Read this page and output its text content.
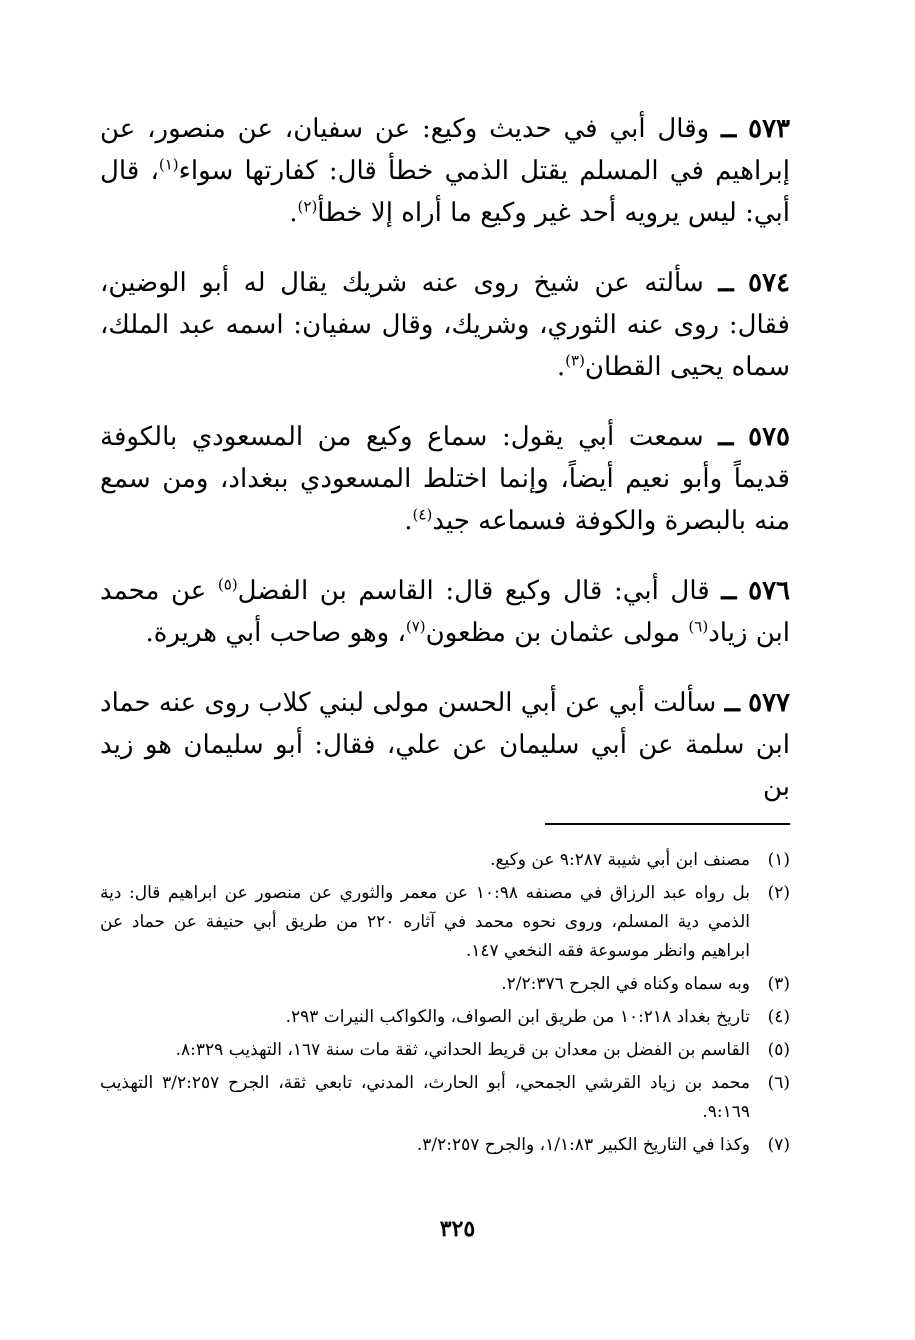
٥٧٣ ــ وقال أبي في حديث وكيع: عن سفيان، عن منصور، عن إبراهيم في المسلم يقتل الذمي خطأ قال: كفارتها سواء$^{(١)}$، قال أبي: ليس يرويه أحد غير وكيع ما أراه إلا خطأ$^{(٢)}$.

٥٧٤ ــ سألته عن شيخ روى عنه شريك يقال له أبو الوضين، فقال: روى عنه الثوري، وشريك، وقال سفيان: اسمه عبد الملك، سماه يحيى القطان$^{(٣)}$.

٥٧٥ ــ سمعت أبي يقول: سماع وكيع من المسعودي بالكوفة قديماً وأبو نعيم أيضاً، وإنما اختلط المسعودي ببغداد، ومن سمع منه بالبصرة والكوفة فسماعه جيد$^{(٤)}$.

٥٧٦ ــ قال أبي: قال وكيع قال: القاسم بن الفضل$^{(٥)}$ عن محمد ابن زياد$^{(٦)}$ مولى عثمان بن مظعون$^{(٧)}$، وهو صاحب أبي هريرة.

٥٧٧ ــ سألت أبي عن أبي الحسن مولى لبني كلاب روى عنه حماد ابن سلمة عن أبي سليمان عن علي، فقال: أبو سليمان هو زيد بن

(١)
مصنف ابن أبي شيبة ٩:٢٨٧ عن وكيع.
(٢)
بل رواه عبد الرزاق في مصنفه ١٠:٩٨ عن معمر والثوري عن منصور عن ابراهيم قال: دية الذمي دية المسلم، وروى نحوه محمد في آثاره ٢٢٠ من طريق أبي حنيفة عن حماد عن ابراهيم وانظر موسوعة فقه النخعي ١٤٧.
(٣)
وبه سماه وكناه في الجرح ٢/٢:٣٧٦.
(٤)
تاريخ بغداد ١٠:٢١٨ من طريق ابن الصواف، والكواكب النيرات ٢٩٣.
(٥)
القاسم بن الفضل بن معدان بن قريط الحداني، ثقة مات سنة ١٦٧، التهذيب ٨:٣٢٩.
(٦)
محمد بن زياد القرشي الجمحي، أبو الحارث، المدني، تابعي ثقة، الجرح ٣/٢:٢٥٧ التهذيب ٩:١٦٩.
(٧)
وكذا في التاريخ الكبير ١/١:٨٣، والجرح ٣/٢:٢٥٧.
٣٢٥
